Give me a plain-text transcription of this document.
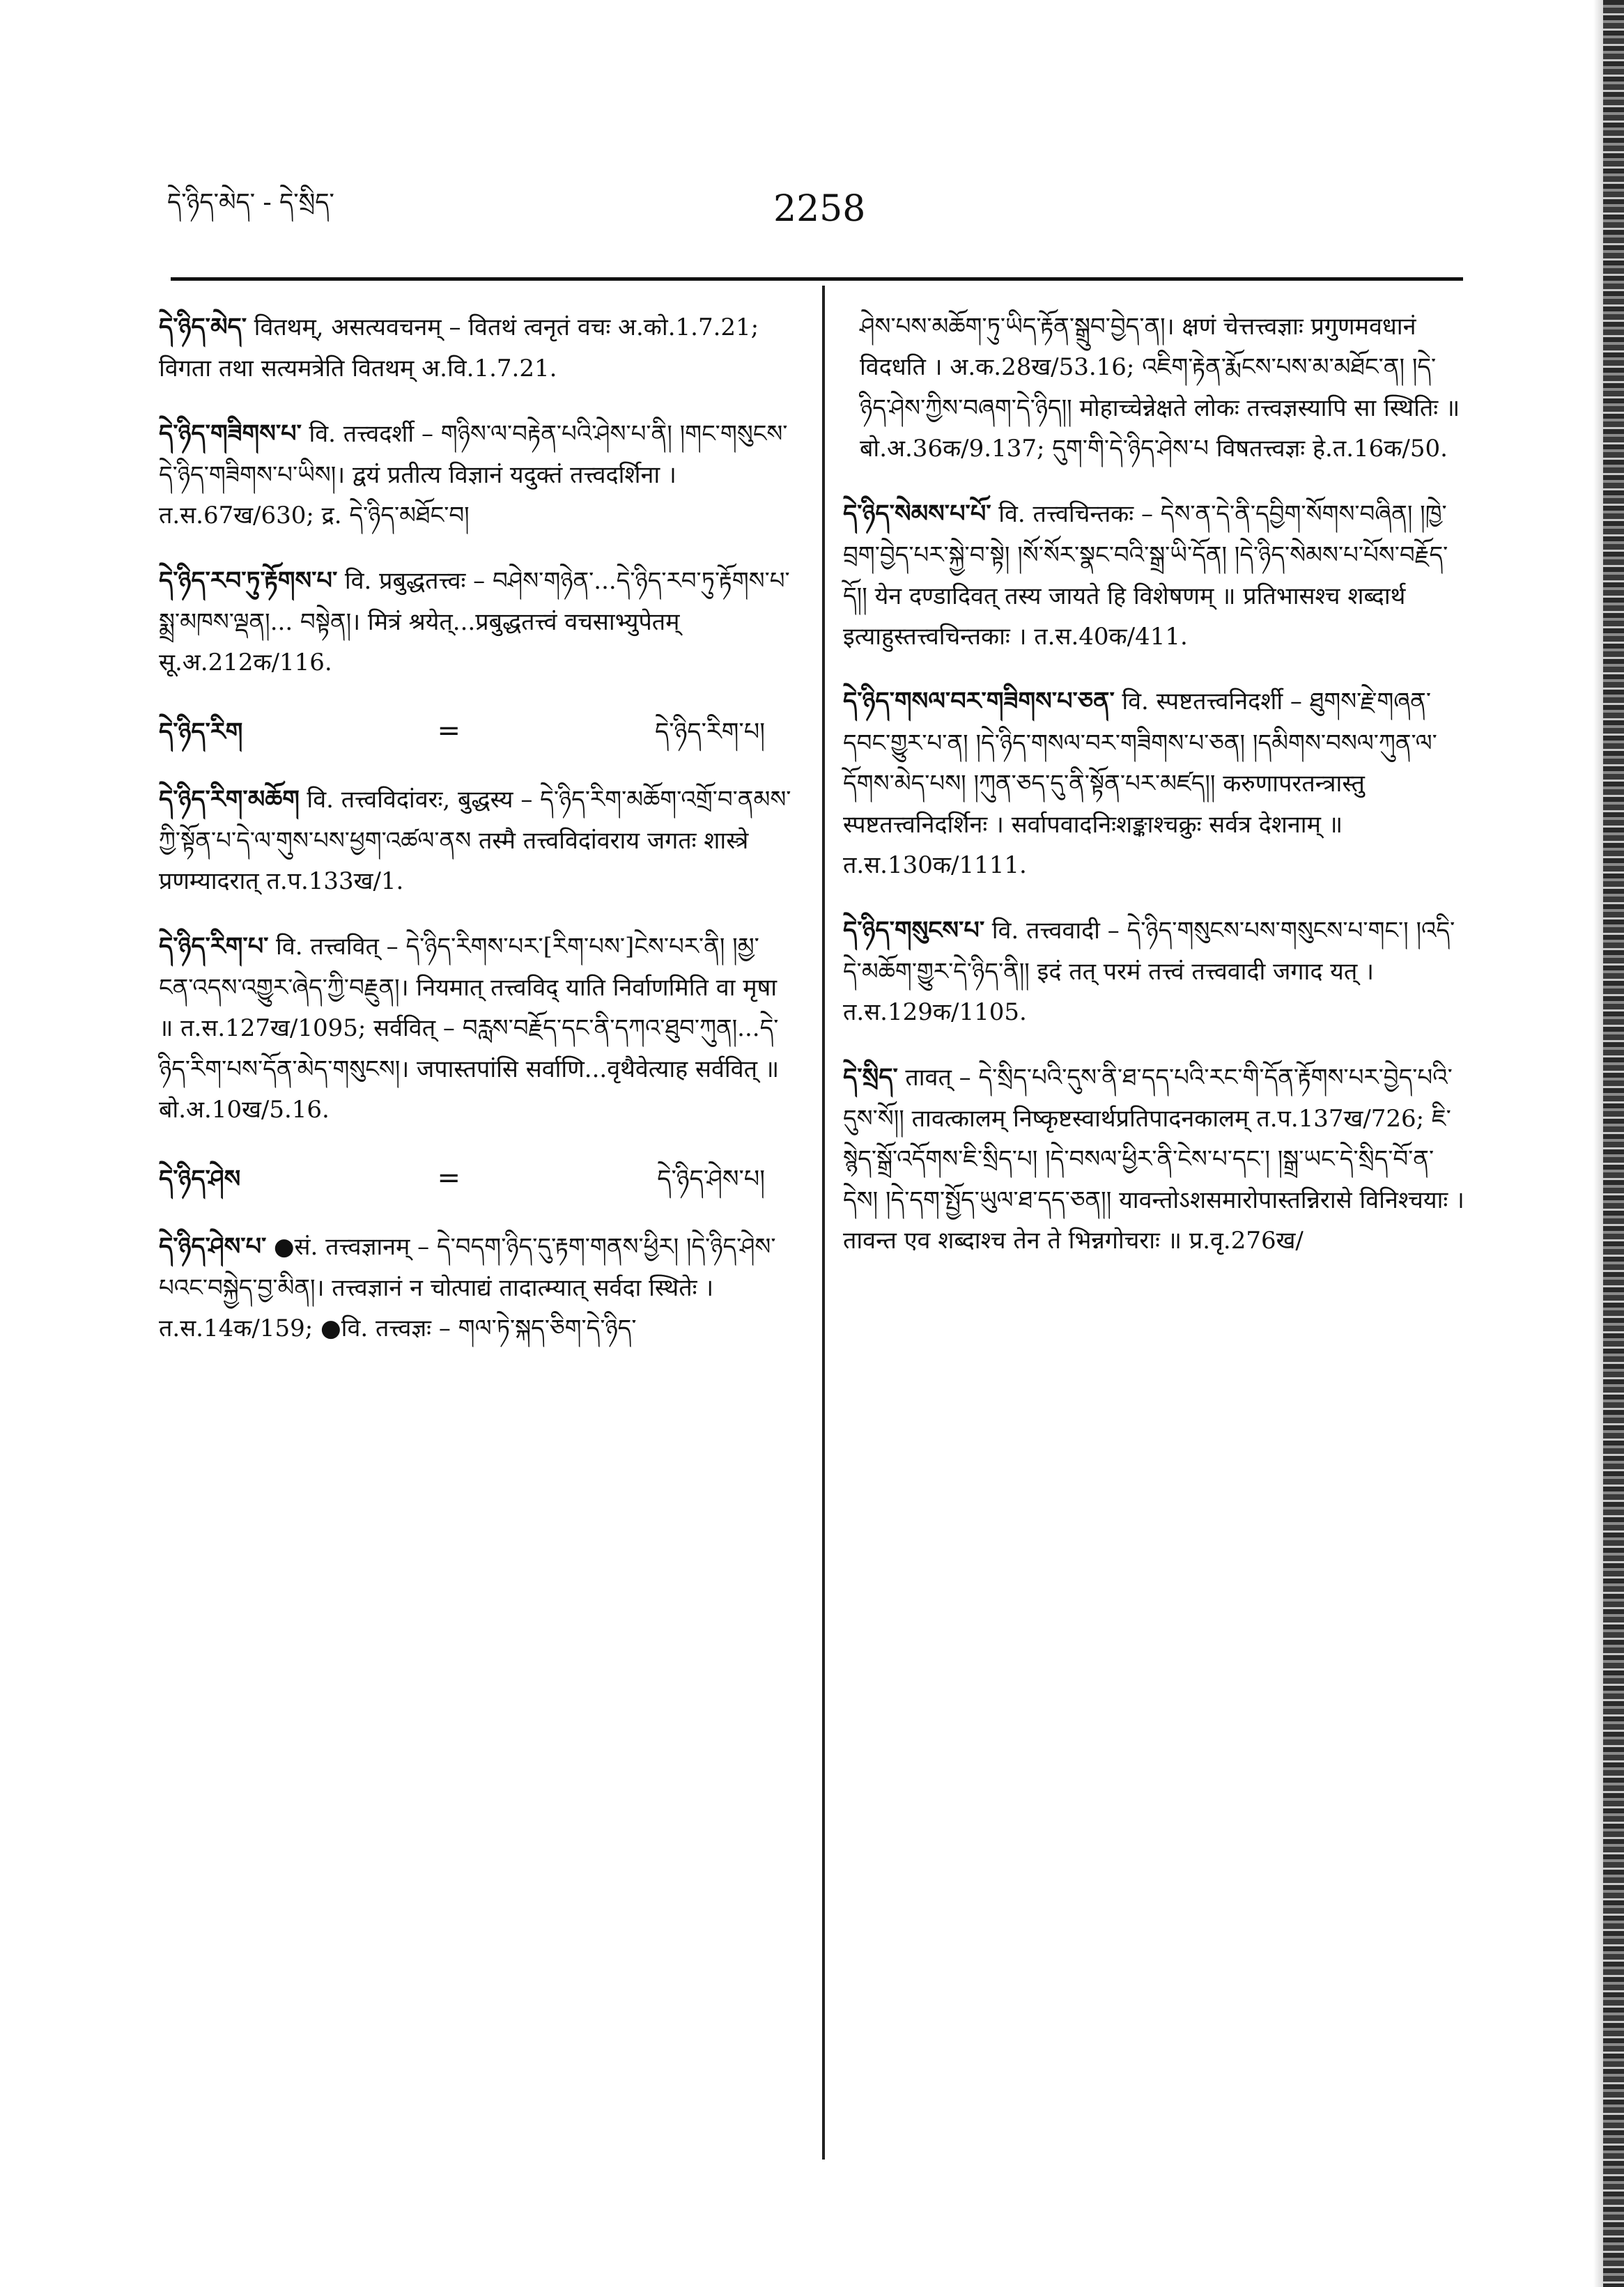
དེ་ཉིད་མེད་ - དེ་སྲིད་	2258

དེ་ཉིད་མེད་ वितथम्, असत्यवचनम् – वितथं त्वनृतं वचः अ.को.1.7.21; विगता तथा सत्यमत्रेति वितथम् अ.वि.1.7.21.

དེ་ཉིད་གཟིགས་པ་ वि. तत्त्वदर्शी – གཉིས་ལ་བརྟེན་པའི་ཤེས་པ་ནི། །གང་གསུངས་དེ་ཉིད་གཟིགས་པ་ཡིས།। द्वयं प्रतीत्य विज्ञानं यदुक्तं तत्त्वदर्शिना । त.स.67ख/630; द्र. དེ་ཉིད་མཐོང་བ།

དེ་ཉིད་རབ་ཏུ་རྟོགས་པ་ वि. प्रबुद्धतत्त्वः – བཤེས་གཉེན་...དེ་ཉིད་རབ་ཏུ་རྟོགས་པ་སྨྲ་མཁས་ལྡན།... བསྟེན།। मित्रं श्रयेत्...प्रबुद्धतत्त्वं वचसाभ्युपेतम् सू.अ.212क/116.

དེ་ཉིད་རིག	=	དེ་ཉིད་རིག་པ།

དེ་ཉིད་རིག་མཆོག वि. तत्त्वविदांवरः, बुद्धस्य – དེ་ཉིད་རིག་མཆོག་འགྲོ་བ་ནམས་ཀྱི་སྟོན་པ་དེ་ལ་གུས་པས་ཕྱག་འཚལ་ནས तस्मै तत्त्वविदांवराय जगतः शास्त्रे प्रणम्यादरात् त.प.133ख/1.

དེ་ཉིད་རིག་པ་ वि. तत्त्ववित् – དེ་ཉིད་རིགས་པར་[རིག་པས་]ངེས་པར་ནི། །མྱ་ངན་འདས་འགྱུར་ཞེད་ཀྱི་བརྗུན།। नियमात् तत्त्वविद् याति निर्वाणमिति वा मृषा ॥ त.स.127ख/1095; सर्ववित् – བརླས་བརྗོད་དང་ནི་དཀའ་ཐུབ་ཀུན།...དེ་ཉིད་རིག་པས་དོན་མེད་གསུངས།। जपास्तपांसि सर्वाणि...वृथैवेत्याह सर्ववित् ॥ बो.अ.10ख/5.16.

དེ་ཉིད་ཤེས	=	དེ་ཉིད་ཤེས་པ།

དེ་ཉིད་ཤེས་པ་ ●सं. तत्त्वज्ञानम् – དེ་བདག་ཉིད་དུ་རྟག་གནས་ཕྱིར། །དེ་ཉིད་ཤེས་པའང་བསྐྱེད་བྱ་མིན།। तत्त्वज्ञानं न चोत्पाद्यं तादात्म्यात् सर्वदा स्थितेः । त.स.14क/159; ●वि. तत्त्वज्ञः – གལ་ཏེ་སྐད་ཅིག་དེ་ཉིད་

ཤེས་པས་མཆོག་ཏུ་ཡིད་རྟོན་སྒྲུབ་བྱེད་ན།। क्षणं चेत्तत्त्वज्ञाः प्रगुणमवधानं विदधति । अ.क.28ख/53.16; འཇིག་རྟེན་རྨོངས་པས་མ་མཐོང་ན། །དེ་ཉིད་ཤེས་ཀྱིས་བཞག་དེ་ཉིད།། मोहाच्चेन्नेक्षते लोकः तत्त्वज्ञस्यापि सा स्थितिः ॥ बो.अ.36क/9.137; དུག་གི་དེ་ཉིད་ཤེས་པ विषतत्त्वज्ञः हे.त.16क/50.

དེ་ཉིད་སེམས་པ་པོ་ वि. तत्त्वचिन्तकः – དེས་ན་དེ་ནི་དབྱིག་སོགས་བཞིན། །ཁྱེ་བྲག་བྱེད་པར་སྐྱེ་བ་སྟེ། །སོ་སོར་སྣང་བའི་སྒྲ་ཡི་དོན། །དེ་ཉིད་སེམས་པ་པོས་བརྗོད་དོ།། येन दण्डादिवत् तस्य जायते हि विशेषणम् ॥ प्रतिभासश्च शब्दार्थ इत्याहुस्तत्त्वचिन्तकाः । त.स.40क/411.

དེ་ཉིད་གསལ་བར་གཟིགས་པ་ཅན་ वि. स्पष्टतत्त्वनिदर्शी – ཐུགས་རྗེ་གཞན་དབང་གྱུར་པ་ན། །དེ་ཉིད་གསལ་བར་གཟིགས་པ་ཅན། །དམིགས་བསལ་ཀུན་ལ་དོགས་མེད་པས། །ཀུན་ཅད་དུ་ནི་སྟོན་པར་མཛད།། करुणापरतन्त्रास्तु स्पष्टतत्त्वनिदर्शिनः । सर्वापवादनिःशङ्काश्चक्रुः सर्वत्र देशनाम् ॥ त.स.130क/1111.

དེ་ཉིད་གསུངས་པ་ वि. तत्त्ववादी – དེ་ཉིད་གསུངས་པས་གསུངས་པ་གང་། །འདི་དེ་མཆོག་གྱུར་དེ་ཉིད་ནི།། इदं तत् परमं तत्त्वं तत्त्ववादी जगाद यत् । त.स.129क/1105.

དེ་སྲིད་ तावत् – དེ་སྲིད་པའི་དུས་ནི་ཐ་དད་པའི་རང་གི་དོན་རྟོགས་པར་བྱེད་པའི་དུས་སོ།། तावत्कालम् निष्कृष्टस्वार्थप्रतिपादनकालम् त.प.137ख/726; ཇི་སྙེད་སྒྲོ་འདོགས་ཇི་སྲིད་པ། །དེ་བསལ་ཕྱིར་ནི་ངེས་པ་དང་། །སྒྲ་ཡང་དེ་སྲིད་བོ་ན་དེས། །དེ་དག་སྤྱོད་ཡུལ་ཐ་དད་ཅན།། यावन्तोऽशसमारोपास्तन्निरासे विनिश्चयाः । तावन्त एव शब्दाश्च तेन ते भिन्नगोचराः ॥ प्र.वृ.276ख/
